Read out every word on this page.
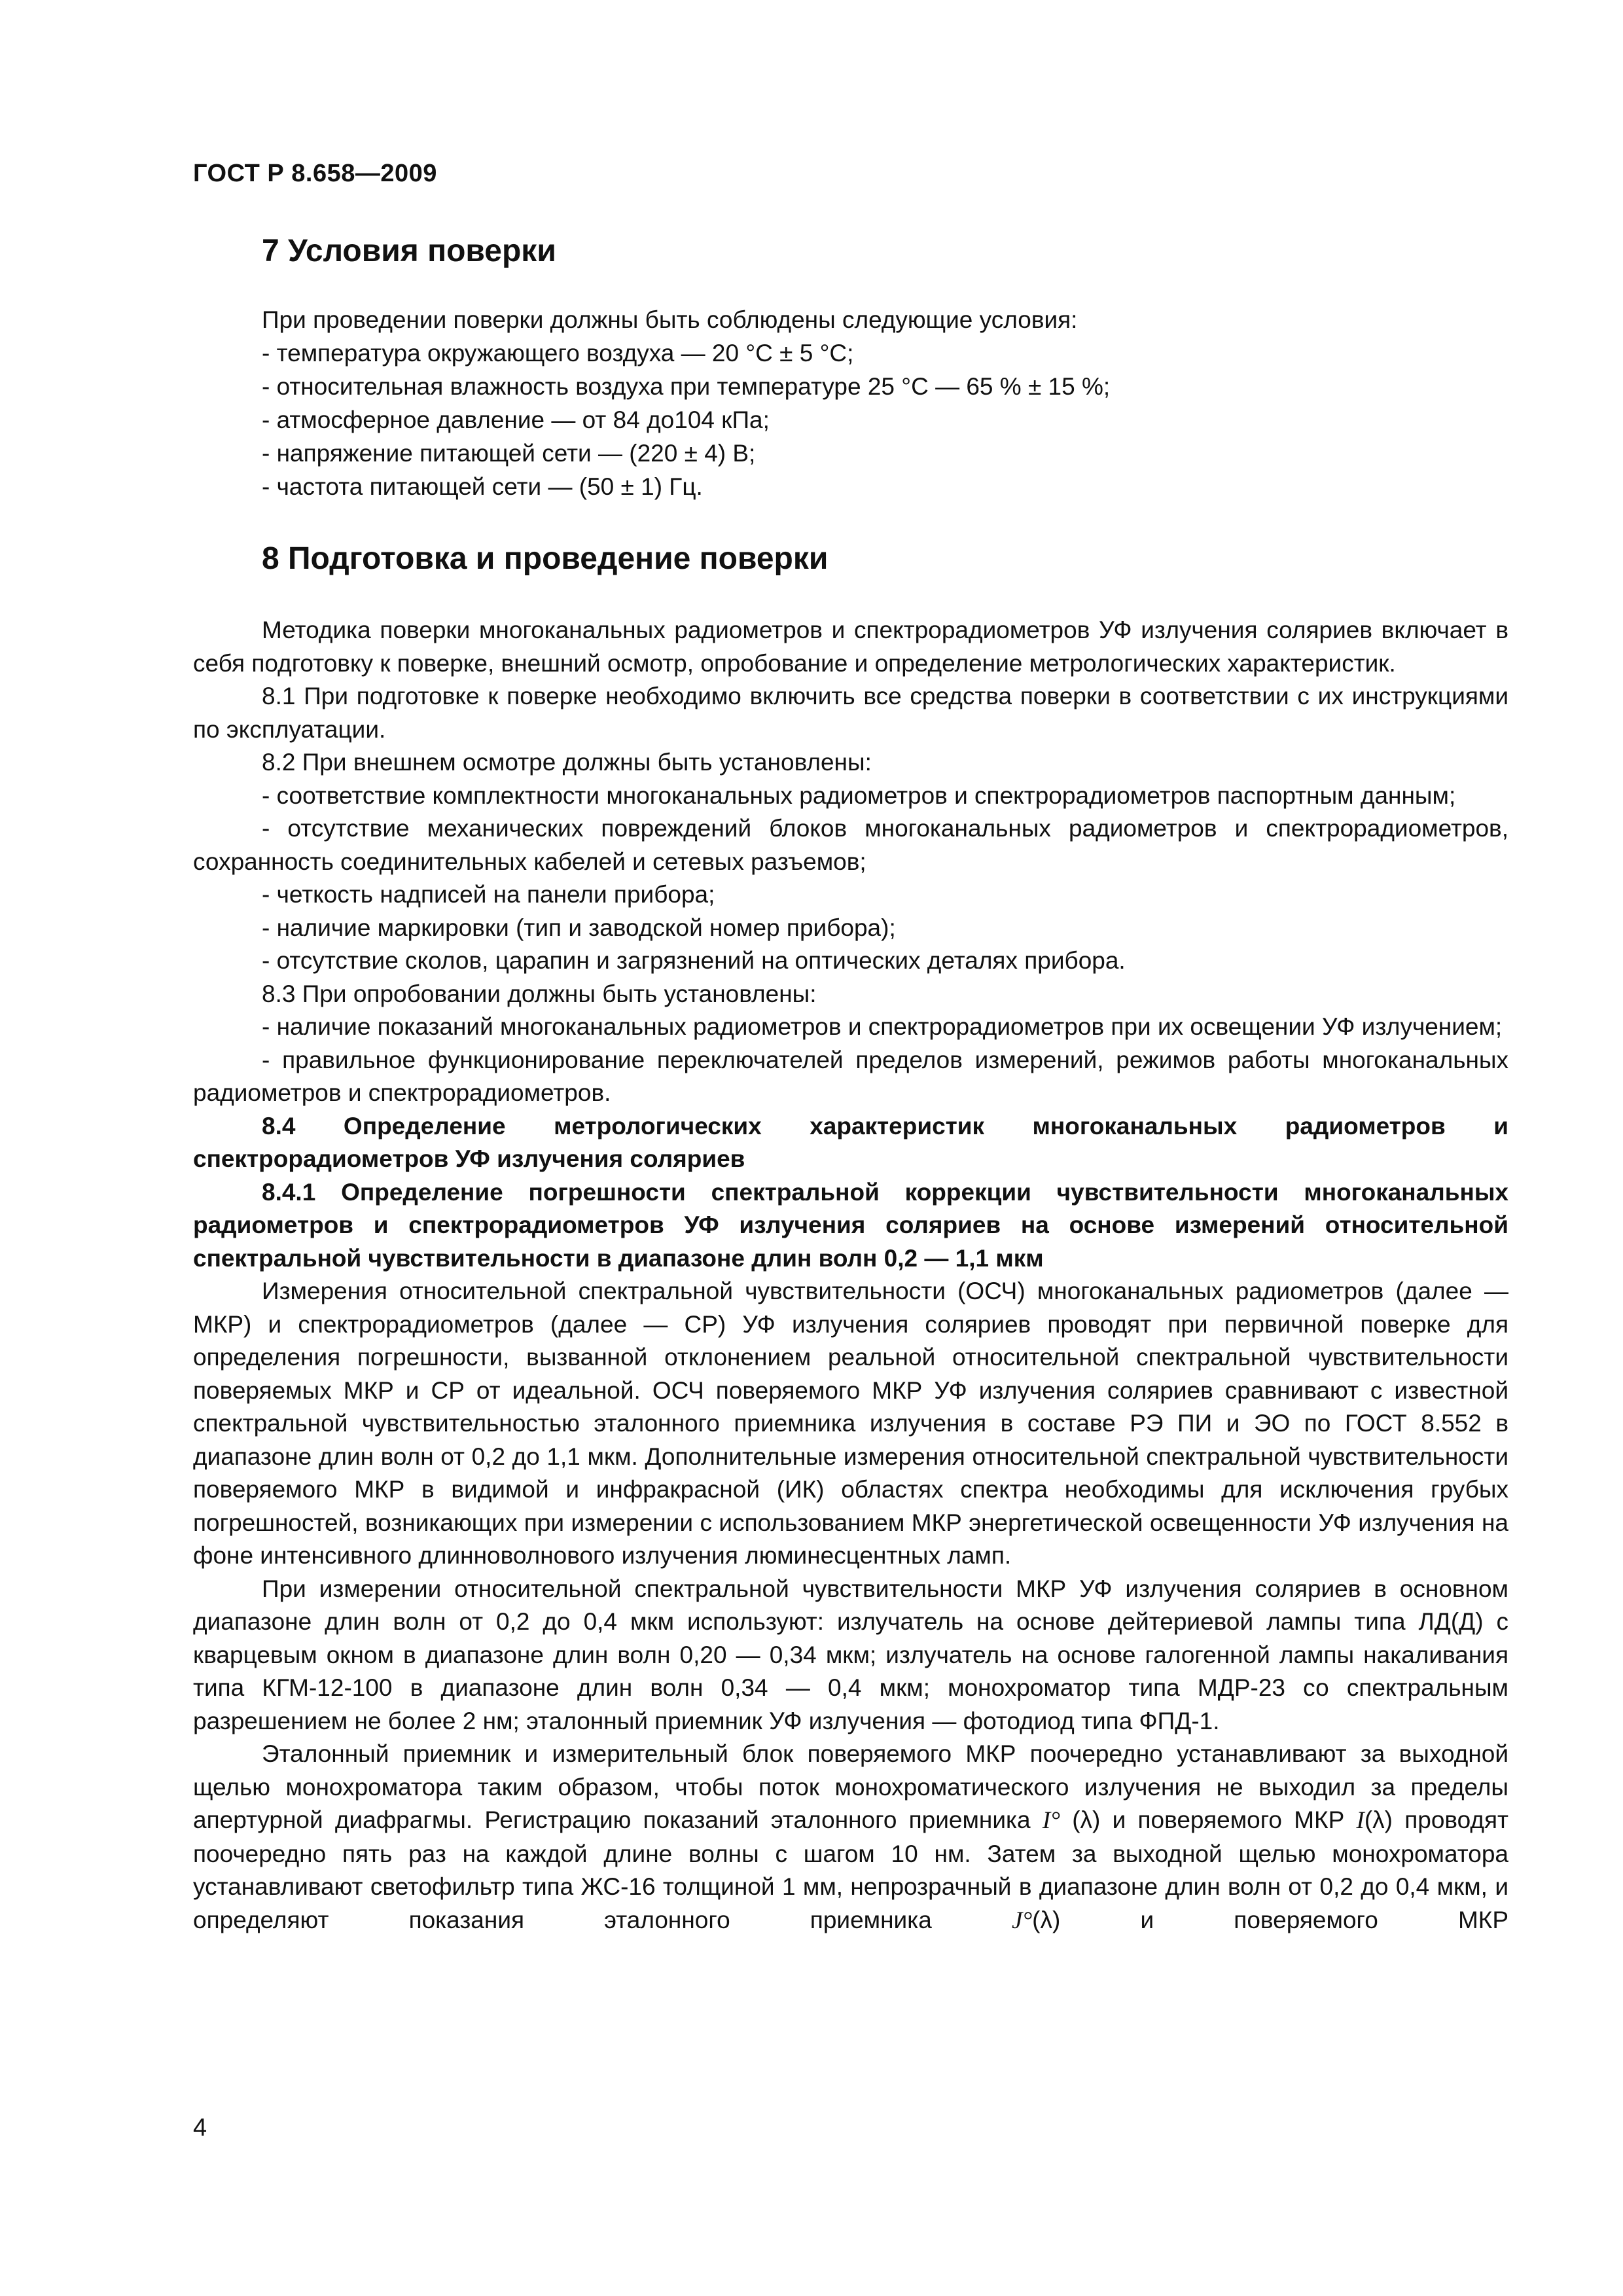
ГОСТ Р 8.658—2009
7 Условия поверки

При проведении поверки должны быть соблюдены следующие условия:

- температура окружающего воздуха — 20 °С ± 5 °С;

- относительная влажность воздуха при температуре 25 °С — 65 % ± 15 %;

- атмосферное давление — от 84 до104 кПа;

- напряжение питающей сети — (220 ± 4) В;

- частота питающей сети — (50 ± 1) Гц.

8 Подготовка и проведение поверки

Методика поверки многоканальных радиометров и спектрорадиометров УФ излучения соляриев включает в себя подготовку к поверке, внешний осмотр, опробование и определение метрологических характеристик.

8.1 При подготовке к поверке необходимо включить все средства поверки в соответствии с их инструкциями по эксплуатации.

8.2 При внешнем осмотре должны быть установлены:

- соответствие комплектности многоканальных радиометров и спектрорадиометров паспортным данным;

- отсутствие механических повреждений блоков многоканальных радиометров и спектрорадиометров, сохранность соединительных кабелей и сетевых разъемов;

- четкость надписей на панели прибора;

- наличие маркировки (тип и заводской номер прибора);

- отсутствие сколов, царапин и загрязнений на оптических деталях прибора.

8.3 При опробовании должны быть установлены:

- наличие показаний многоканальных радиометров и спектрорадиометров при их освещении УФ излучением;

- правильное функционирование переключателей пределов измерений, режимов работы многоканальных радиометров и спектрорадиометров.

8.4 Определение метрологических характеристик многоканальных радиометров и спектрорадиометров УФ излучения соляриев

8.4.1 Определение погрешности спектральной коррекции чувствительности многоканальных радиометров и спектрорадиометров УФ излучения соляриев на основе измерений относительной спектральной чувствительности в диапазоне длин волн 0,2 — 1,1 мкм

Измерения относительной спектральной чувствительности (ОСЧ) многоканальных радиометров (далее — МКР) и спектрорадиометров (далее — СР) УФ излучения соляриев проводят при первичной поверке для определения погрешности, вызванной отклонением реальной относительной спектральной чувствительности поверяемых МКР и СР от идеальной. ОСЧ поверяемого МКР УФ излучения соляриев сравнивают с известной спектральной чувствительностью эталонного приемника излучения в составе РЭ ПИ и ЭО по ГОСТ 8.552 в диапазоне длин волн от 0,2 до 1,1 мкм. Дополнительные измерения относительной спектральной чувствительности поверяемого МКР в видимой и инфракрасной (ИК) областях спектра необходимы для исключения грубых погрешностей, возникающих при измерении с использованием МКР энергетической освещенности УФ излучения на фоне интенсивного длинноволнового излучения люминесцентных ламп.

При измерении относительной спектральной чувствительности МКР УФ излучения соляриев в основном диапазоне длин волн от 0,2 до 0,4 мкм используют: излучатель на основе дейтериевой лампы типа ЛД(Д) с кварцевым окном в диапазоне длин волн 0,20 — 0,34 мкм; излучатель на основе галогенной лампы накаливания типа КГМ-12-100 в диапазоне длин волн 0,34 — 0,4 мкм; монохроматор типа МДР-23 со спектральным разрешением не более 2 нм; эталонный приемник УФ излучения — фотодиод типа ФПД-1.

Эталонный приемник и измерительный блок поверяемого МКР поочередно устанавливают за выходной щелью монохроматора таким образом, чтобы поток монохроматического излучения не выходил за пределы апертурной диафрагмы. Регистрацию показаний эталонного приемника I° (λ) и поверяемого МКР I(λ) проводят поочередно пять раз на каждой длине волны с шагом 10 нм. Затем за выходной щелью монохроматора устанавливают светофильтр типа ЖС-16 толщиной 1 мм, непрозрачный в диапазоне длин волн от 0,2 до 0,4 мкм, и определяют показания эталонного приемника J°(λ) и поверяемого МКР

4
